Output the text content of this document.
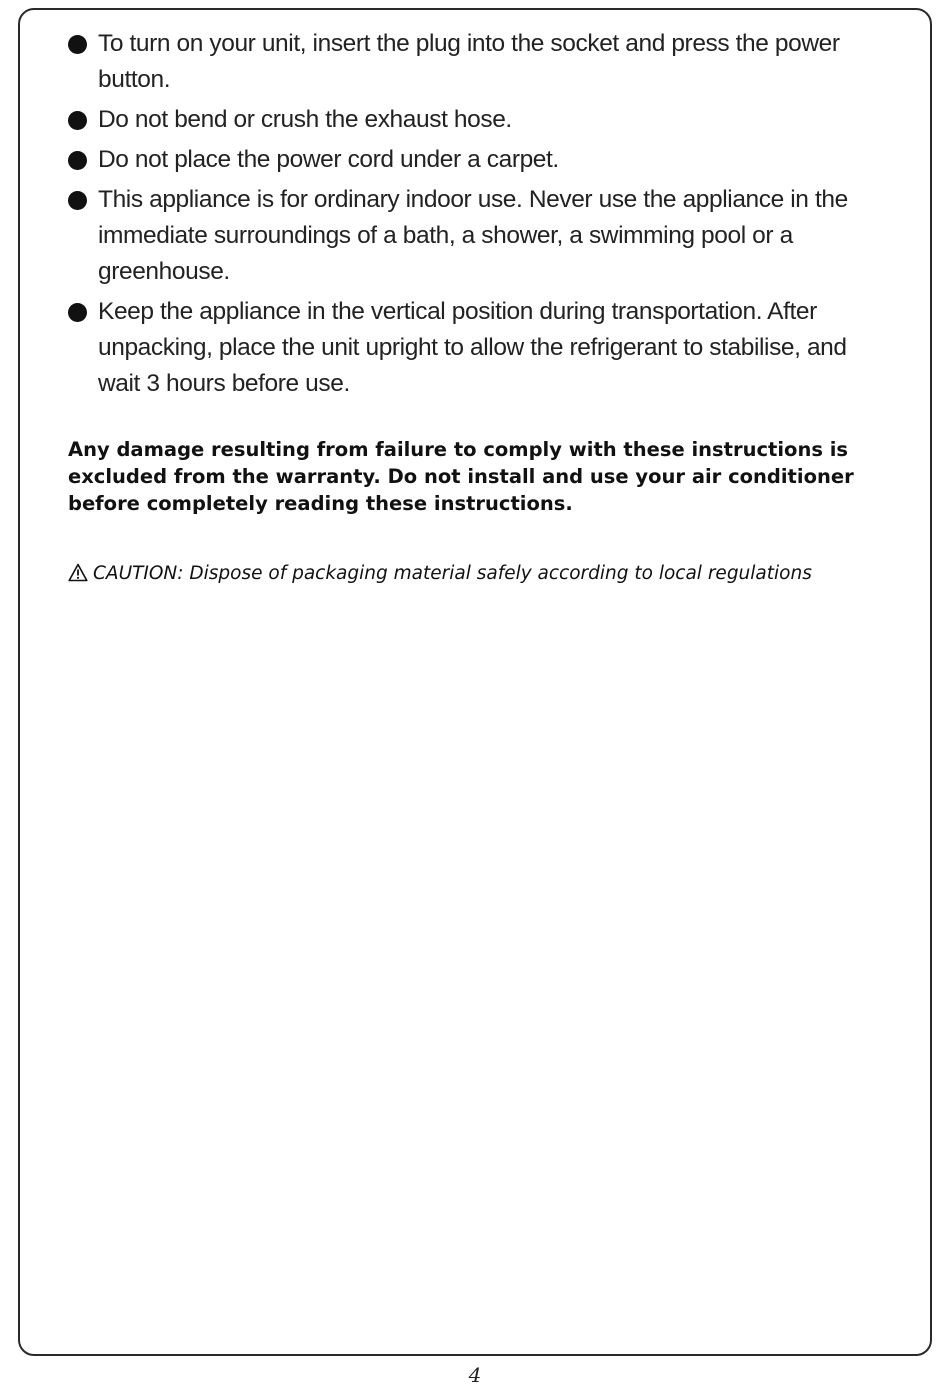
To turn on your unit, insert the plug into the socket and press the power button.
Do not bend or crush the exhaust hose.
Do not place the power cord under a carpet.
This appliance is for ordinary indoor use. Never use the appliance in the immediate surroundings of a bath, a shower, a swimming pool or a greenhouse.
Keep the appliance in the vertical position during transportation. After unpacking, place the unit upright to allow the refrigerant to stabilise, and wait 3 hours before use.

Any damage resulting from failure to comply with these instructions is excluded from the warranty. Do not install and use your air conditioner before completely reading these instructions.

CAUTION: Dispose of packaging material safely according to local regulations
4
